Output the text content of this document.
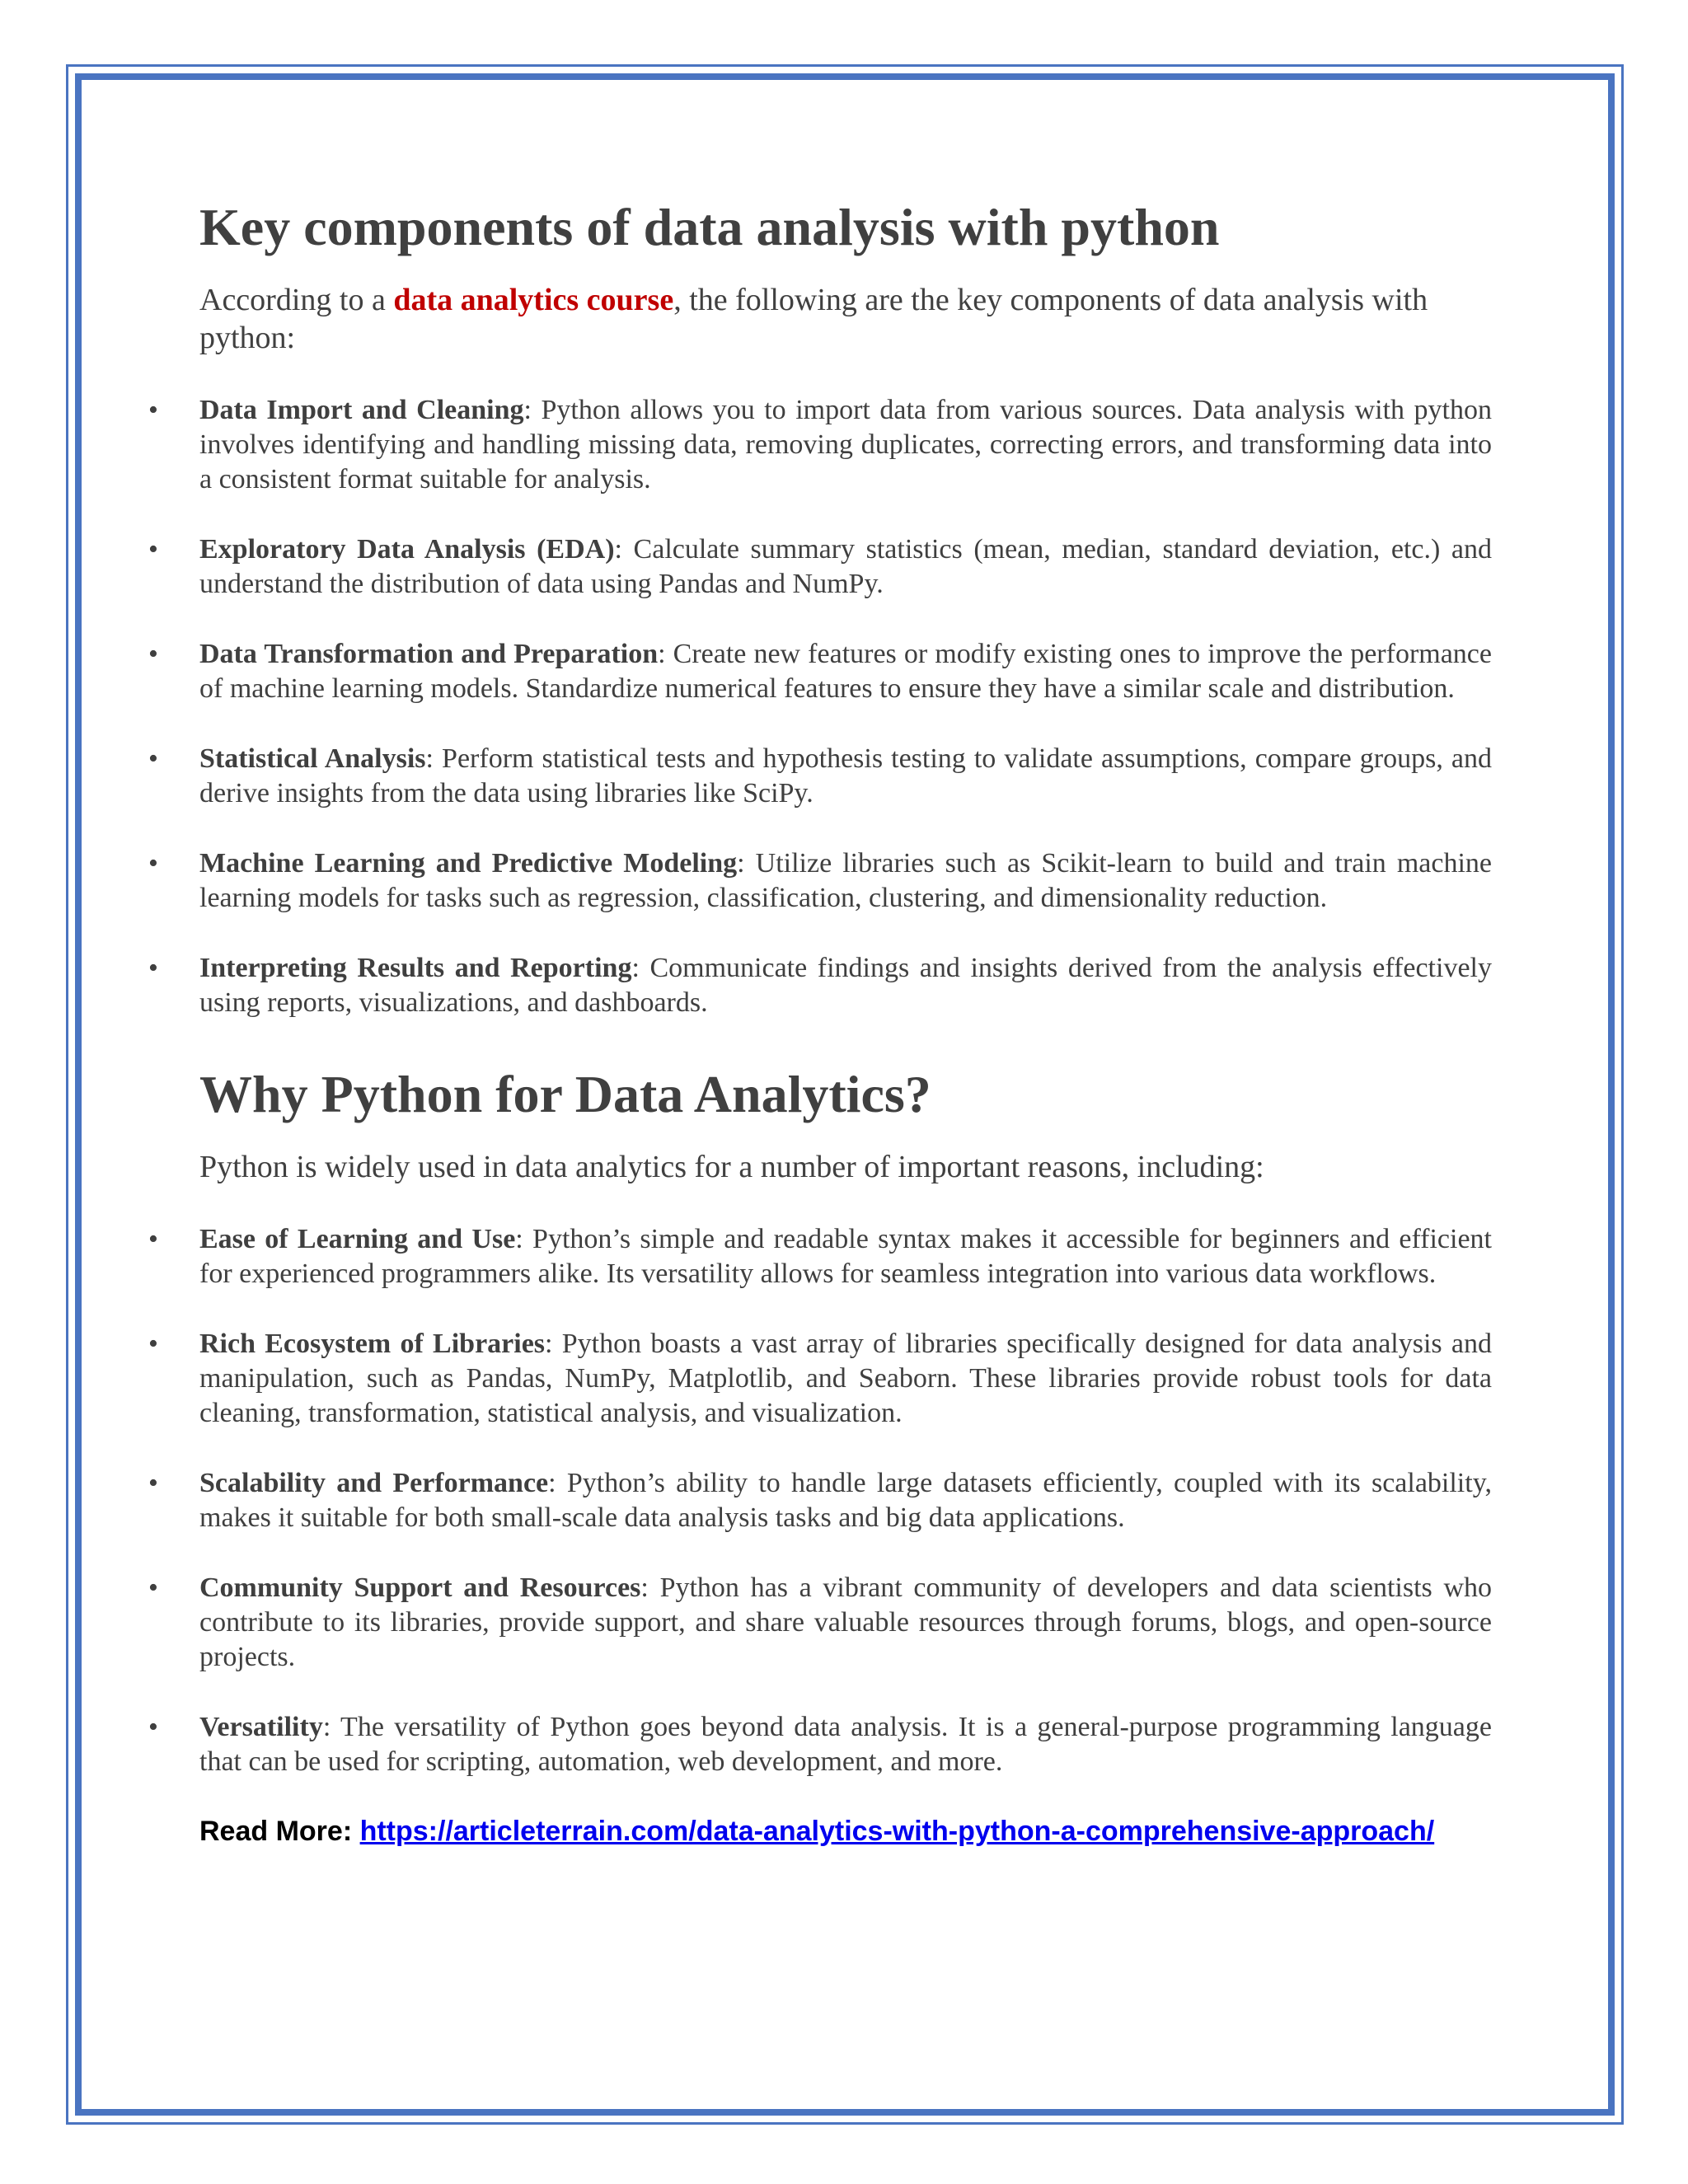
Key components of data analysis with python

According to a data analytics course, the following are the key components of data analysis with python:

• Data Import and Cleaning: Python allows you to import data from various sources. Data analysis with python involves identifying and handling missing data, removing duplicates, correcting errors, and transforming data into a consistent format suitable for analysis.
• Exploratory Data Analysis (EDA): Calculate summary statistics (mean, median, standard deviation, etc.) and understand the distribution of data using Pandas and NumPy.
• Data Transformation and Preparation: Create new features or modify existing ones to improve the performance of machine learning models. Standardize numerical features to ensure they have a similar scale and distribution.
• Statistical Analysis: Perform statistical tests and hypothesis testing to validate assumptions, compare groups, and derive insights from the data using libraries like SciPy.
• Machine Learning and Predictive Modeling: Utilize libraries such as Scikit-learn to build and train machine learning models for tasks such as regression, classification, clustering, and dimensionality reduction.
• Interpreting Results and Reporting: Communicate findings and insights derived from the analysis effectively using reports, visualizations, and dashboards.
Why Python for Data Analytics?

Python is widely used in data analytics for a number of important reasons, including:

• Ease of Learning and Use: Python’s simple and readable syntax makes it accessible for beginners and efficient for experienced programmers alike. Its versatility allows for seamless integration into various data workflows.
• Rich Ecosystem of Libraries: Python boasts a vast array of libraries specifically designed for data analysis and manipulation, such as Pandas, NumPy, Matplotlib, and Seaborn. These libraries provide robust tools for data cleaning, transformation, statistical analysis, and visualization.
• Scalability and Performance: Python’s ability to handle large datasets efficiently, coupled with its scalability, makes it suitable for both small-scale data analysis tasks and big data applications.
• Community Support and Resources: Python has a vibrant community of developers and data scientists who contribute to its libraries, provide support, and share valuable resources through forums, blogs, and open-source projects.
• Versatility: The versatility of Python goes beyond data analysis. It is a general-purpose programming language that can be used for scripting, automation, web development, and more.
Read More: https://articleterrain.com/data-analytics-with-python-a-comprehensive-approach/
